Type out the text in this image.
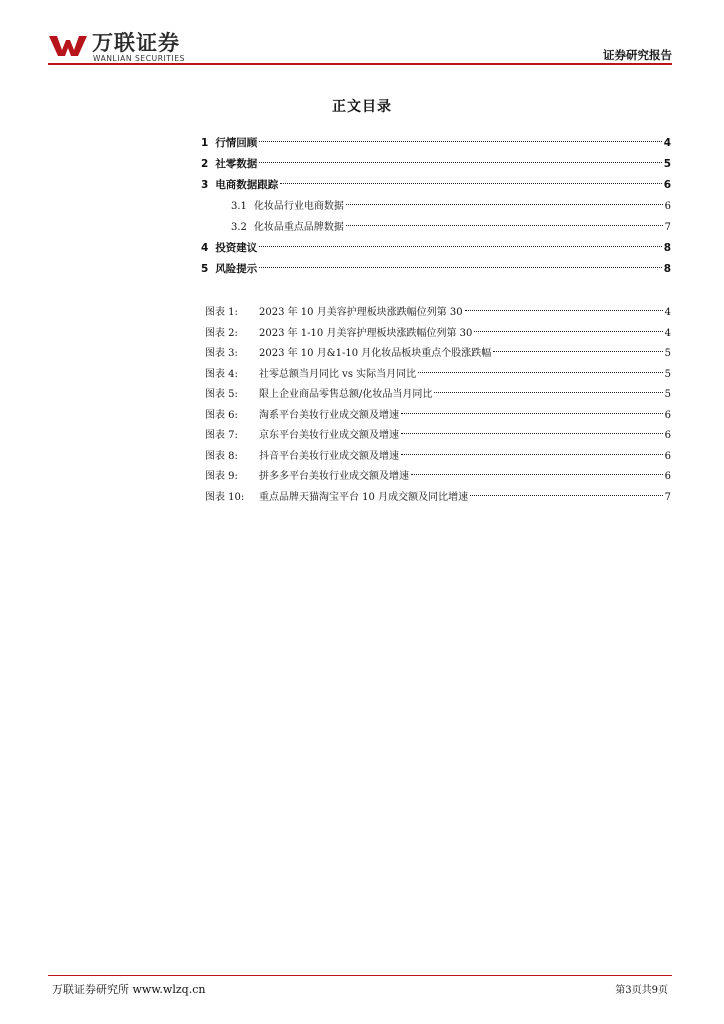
万联证券
WANLIAN SECURITIES	证券研究报告
正文目录
1 行情回顾	4
2 社零数据	5
3 电商数据跟踪	6
3.1 化妆品行业电商数据	6
3.2 化妆品重点品牌数据	7
4 投资建议	8
5 风险提示	8
图表 1:	2023 年 10 月美容护理板块涨跌幅位列第 30	4
图表 2:	2023 年 1-10 月美容护理板块涨跌幅位列第 30	4
图表 3:	2023 年 10 月&1-10 月化妆品板块重点个股涨跌幅	5
图表 4:	社零总额当月同比 vs 实际当月同比	5
图表 5:	限上企业商品零售总额/化妆品当月同比	5
图表 6:	淘系平台美妆行业成交额及增速	6
图表 7:	京东平台美妆行业成交额及增速	6
图表 8:	抖音平台美妆行业成交额及增速	6
图表 9:	拼多多平台美妆行业成交额及增速	6
图表 10:	重点品牌天猫淘宝平台 10 月成交额及同比增速	7
万联证券研究所 www.wlzq.cn	第3页共9页
